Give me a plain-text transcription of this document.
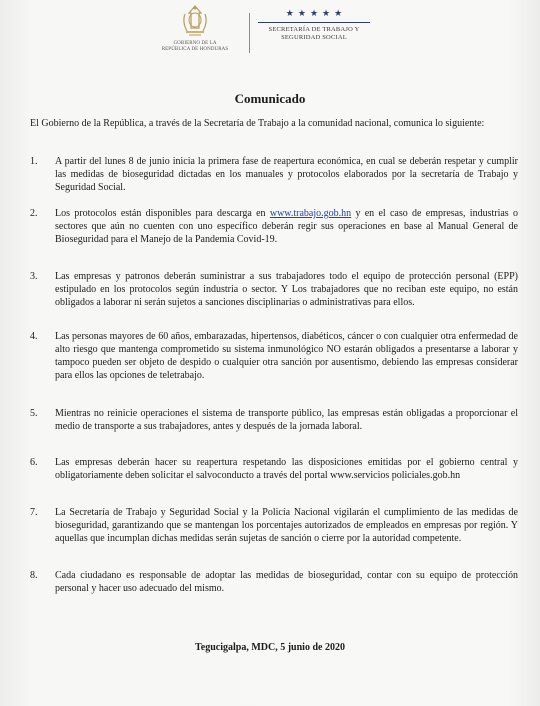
GOBIERNO DE LA
REPÚBLICA DE HONDURAS
★ ★ ★ ★ ★
SECRETARÍA DE TRABAJO Y
SEGURIDAD SOCIAL
Comunicado
El Gobierno de la República, a través de la Secretaría de Trabajo a la comunidad nacional, comunica lo siguiente:
1.	A partir del lunes 8 de junio inicia la primera fase de reapertura económica, en cual se deberán respetar y cumplir las medidas de bioseguridad dictadas en los manuales y protocolos elaborados por la secretaría de Trabajo y Seguridad Social.
2.	Los protocolos están disponibles para descarga en www.trabajo.gob.hn y en el caso de empresas, industrias o sectores que aún no cuenten con uno específico deberán regir sus operaciones en base al Manual General de Bioseguridad para el Manejo de la Pandemia Covid-19.
3.	Las empresas y patronos deberán suministrar a sus trabajadores todo el equipo de protección personal (EPP) estipulado en los protocolos según industria o sector. Y Los trabajadores que no reciban este equipo, no están obligados a laborar ni serán sujetos a sanciones disciplinarias o administrativas para ellos.
4.	Las personas mayores de 60 años, embarazadas, hipertensos, diabéticos, cáncer o con cualquier otra enfermedad de alto riesgo que mantenga comprometido su sistema inmunológico NO estarán obligados a presentarse a laborar y tampoco pueden ser objeto de despido o cualquier otra sanción por ausentismo, debiendo las empresas considerar para ellos las opciones de teletrabajo.
5.	Mientras no reinicie operaciones el sistema de transporte público, las empresas están obligadas a proporcionar el medio de transporte a sus trabajadores, antes y después de la jornada laboral.
6.	Las empresas deberán hacer su reapertura respetando las disposiciones emitidas por el gobierno central y obligatoriamente deben solicitar el salvoconducto a través del portal www.servicios policiales.gob.hn
7.	La Secretaría de Trabajo y Seguridad Social y la Policía Nacional vigilarán el cumplimiento de las medidas de bioseguridad, garantizando que se mantengan los porcentajes autorizados de empleados en empresas por región. Y aquellas que incumplan dichas medidas serán sujetas de sanción o cierre por la autoridad competente.
8.	Cada ciudadano es responsable de adoptar las medidas de bioseguridad, contar con su equipo de protección personal y hacer uso adecuado del mismo.
Tegucigalpa, MDC, 5 junio de 2020
